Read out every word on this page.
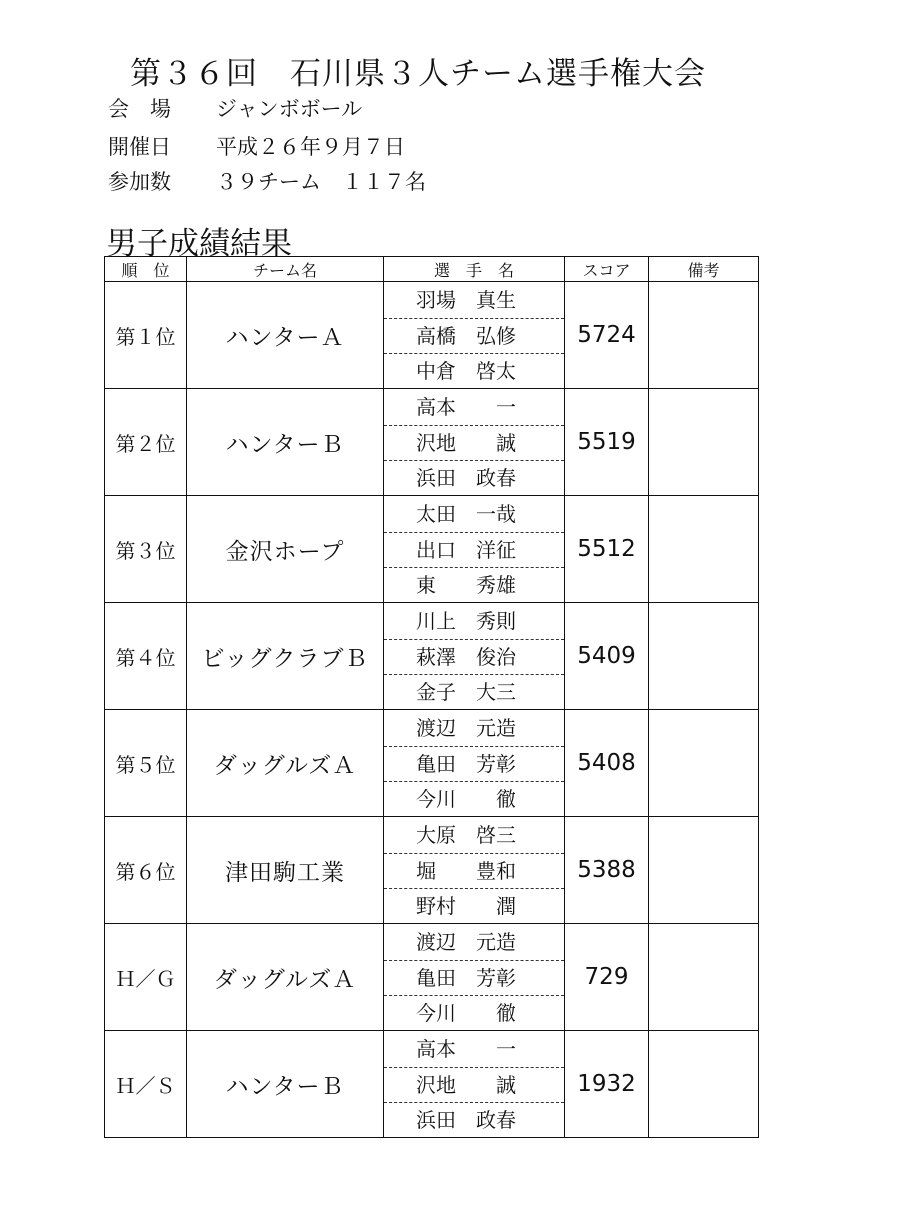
第３６回　石川県３人チーム選手権大会
会　場 ジャンボボール
開催日 平成２６年９月７日
参加数 ３９チーム　１１７名
男子成績結果
順　位	チーム名	選　手　名	スコア	備考
第１位	ハンターＡ	羽場　真生
高橋　弘修
中倉　啓太	5724	
第２位	ハンターＢ	高本　　一
沢地　　誠
浜田　政春	5519	
第３位	金沢ホープ	太田　一哉
出口　洋征
東　　秀雄	5512	
第４位	ビッグクラブＢ	川上　秀則
萩澤　俊治
金子　大三	5409	
第５位	ダッグルズＡ	渡辺　元造
亀田　芳彰
今川　　徹	5408	
第６位	津田駒工業	大原　啓三
堀　　豊和
野村　　潤	5388	
Ｈ／Ｇ	ダッグルズＡ	渡辺　元造
亀田　芳彰
今川　　徹	729	
Ｈ／Ｓ	ハンターＢ	高本　　一
沢地　　誠
浜田　政春	1932	
